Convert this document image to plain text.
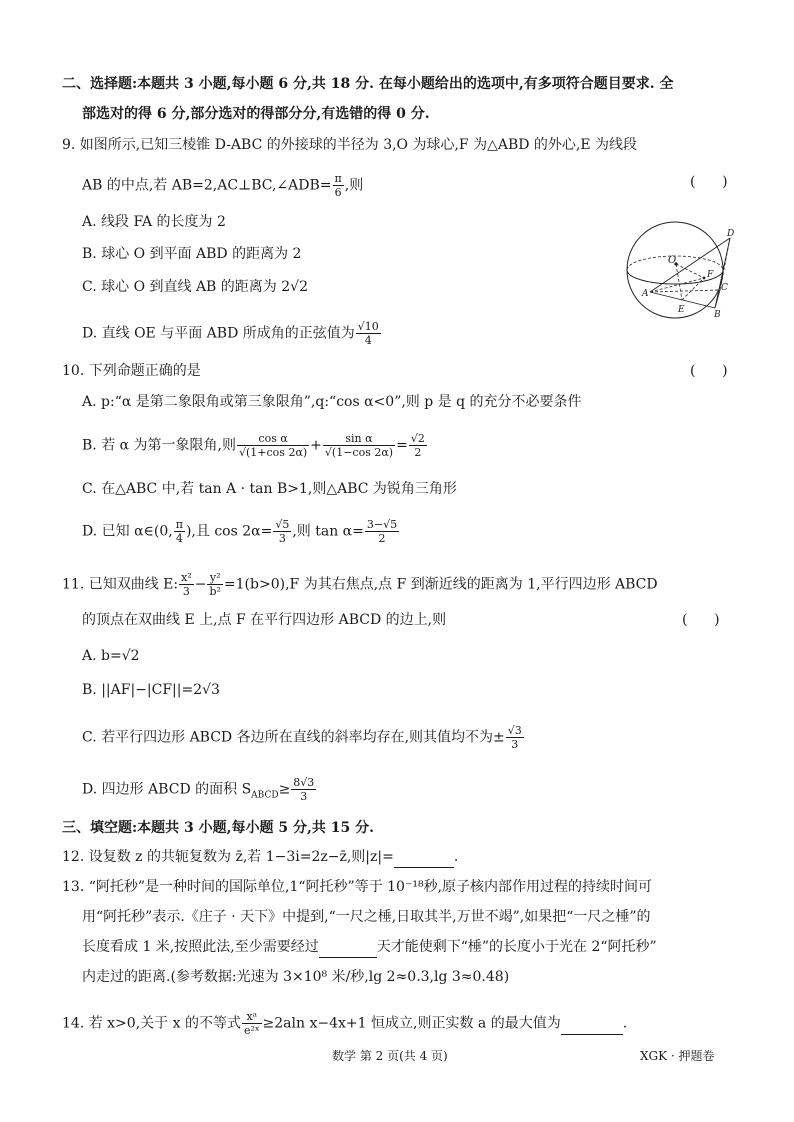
二、选择题:本题共 3 小题,每小题 6 分,共 18 分. 在每小题给出的选项中,有多项符合题目要求. 全
部选对的得 6 分,部分选对的得部分分,有选错的得 0 分.
9. 如图所示,已知三棱锥 D-ABC 的外接球的半径为 3,O 为球心,F 为△ABD 的外心,E 为线段
AB 的中点,若 AB=2,AC⊥BC,∠ADB= $\frac{\pi}{6}$ ,则	(      )
A. 线段 FA 的长度为 2
B. 球心 O 到平面 ABD 的距离为 2
C. 球心 O 到直线 AB 的距离为 2√2
D. 直线 OE 与平面 ABD 所成角的正弦值为 $\frac{√10}{4}$
O
F
D
A
C
E	B
10. 下列命题正确的是	(      )
A. p:“α 是第二象限角或第三象限角”,q:“cos α<0”,则 p 是 q 的充分不必要条件
B. 若 α 为第一象限角,则 $\frac{\text{cos α}}{√(1+\cos 2\alpha)} + \frac{\text{sin α}}{√(1-\cos 2\alpha)} = \frac{√2}{2}$
C. 在△ABC 中,若 tan A · tan B>1,则△ABC 为锐角三角形
D. 已知 α∈(0, $\frac{\pi}{4}$ ),且 $\cos 2\alpha= \frac{√5}{3}$ ,则 $\tan \alpha= \frac{3-√5}{2}$
11. 已知双曲线 E: $\frac{\text{x²}}{3} - \frac{\text{y²}}{\text{b²}} =1(b>0),F$ 为其右焦点,点 F 到渐近线的距离为 1,平行四边形 ABCD
的顶点在双曲线 E 上,点 F 在平行四边形 ABCD 的边上,则	(      )
A. b=√2
B. ||AF|−|CF||=2√3
C. 若平行四边形 ABCD 各边所在直线的斜率均存在,则其值均不为± $\frac{√3}{3}$
D. 四边形 ABCD 的面积 $S_{ABCD}\ge \frac{8√3}{3}$
三、填空题:本题共 3 小题,每小题 5 分,共 15 分.
12. 设复数 z 的共轭复数为 z̄,若 1−3i=2z−z̄,则|z|=	.
13. “阿托秒”是一种时间的国际单位,1“阿托秒”等于 10⁻¹⁸秒,原子核内部作用过程的持续时间可
用“阿托秒”表示.《庄子 · 天下》中提到,“一尺之棰,日取其半,万世不竭”,如果把“一尺之棰”的
长度看成 1 米,按照此法,至少需要经过	天才能使剩下“棰”的长度小于光在 2“阿托秒”
内走过的距离.(参考数据:光速为 3×10⁸ 米/秒,lg 2≈0.3,lg 3≈0.48)
14. 若 x>0,关于 x 的不等式 $\frac{\text{xᵃ}}{\text{e²ˣ}} \ge 2aln$ x−4x+1 恒成立,则正实数 a 的最大值为	.
数学 第 2 页(共 4 页)	XGK · 押题卷
